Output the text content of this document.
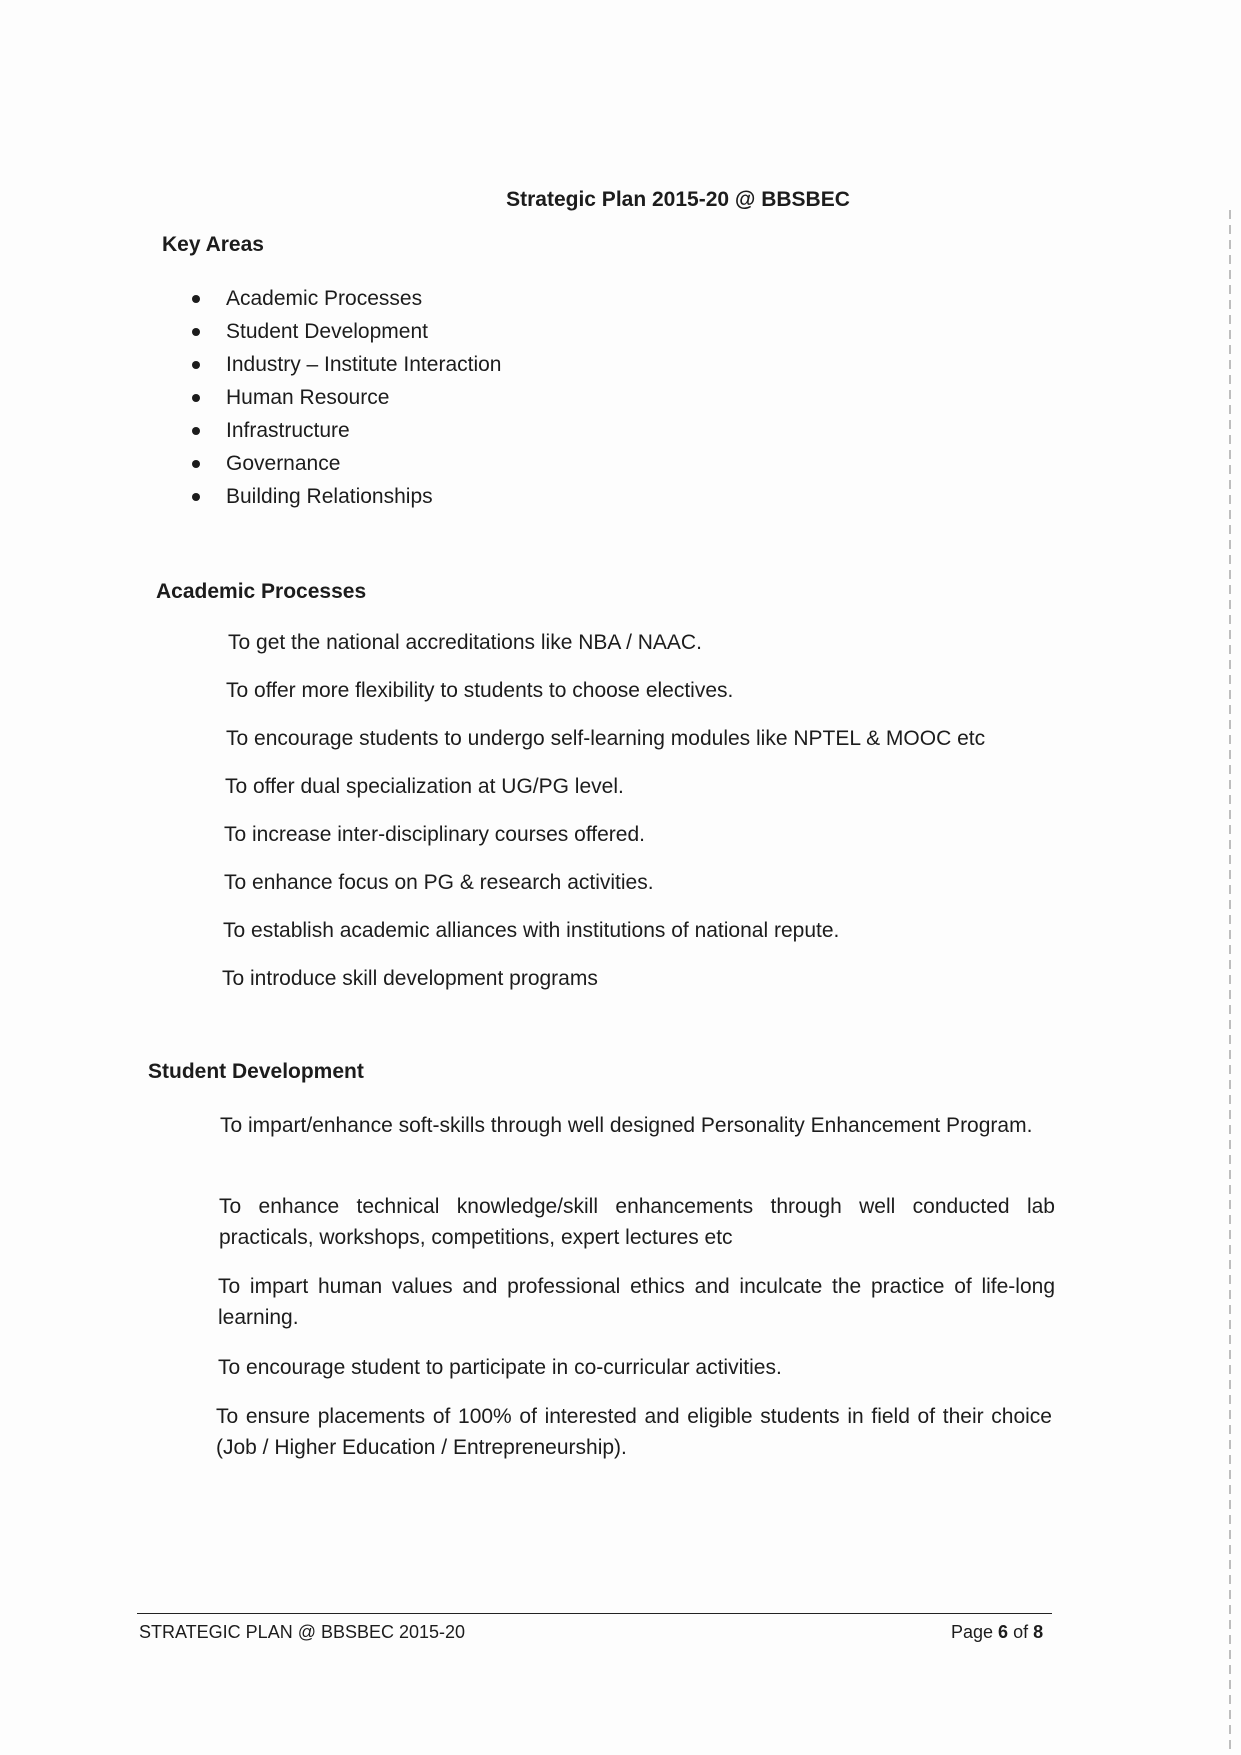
Strategic Plan 2015-20 @ BBSBEC
Key Areas
Academic Processes
Student Development
Industry – Institute Interaction
Human Resource
Infrastructure
Governance
Building Relationships
Academic Processes
To get the national accreditations like NBA / NAAC.
To offer more flexibility to students to choose electives.
To encourage students to undergo self-learning modules like NPTEL & MOOC etc
To offer dual specialization at UG/PG level.
To increase inter-disciplinary courses offered.
To enhance focus on PG & research activities.
To establish academic alliances with institutions of national repute.
To introduce skill development programs
Student Development
To impart/enhance soft-skills through well designed Personality Enhancement Program.
To enhance technical knowledge/skill enhancements through well conducted lab practicals, workshops, competitions, expert lectures etc
To impart human values and professional ethics and inculcate the practice of life-long learning.
To encourage student to participate in co-curricular activities.
To ensure placements of 100% of interested and eligible students in field of their choice (Job / Higher Education / Entrepreneurship).
STRATEGIC PLAN @ BBSBEC 2015-20	Page 6 of 8
